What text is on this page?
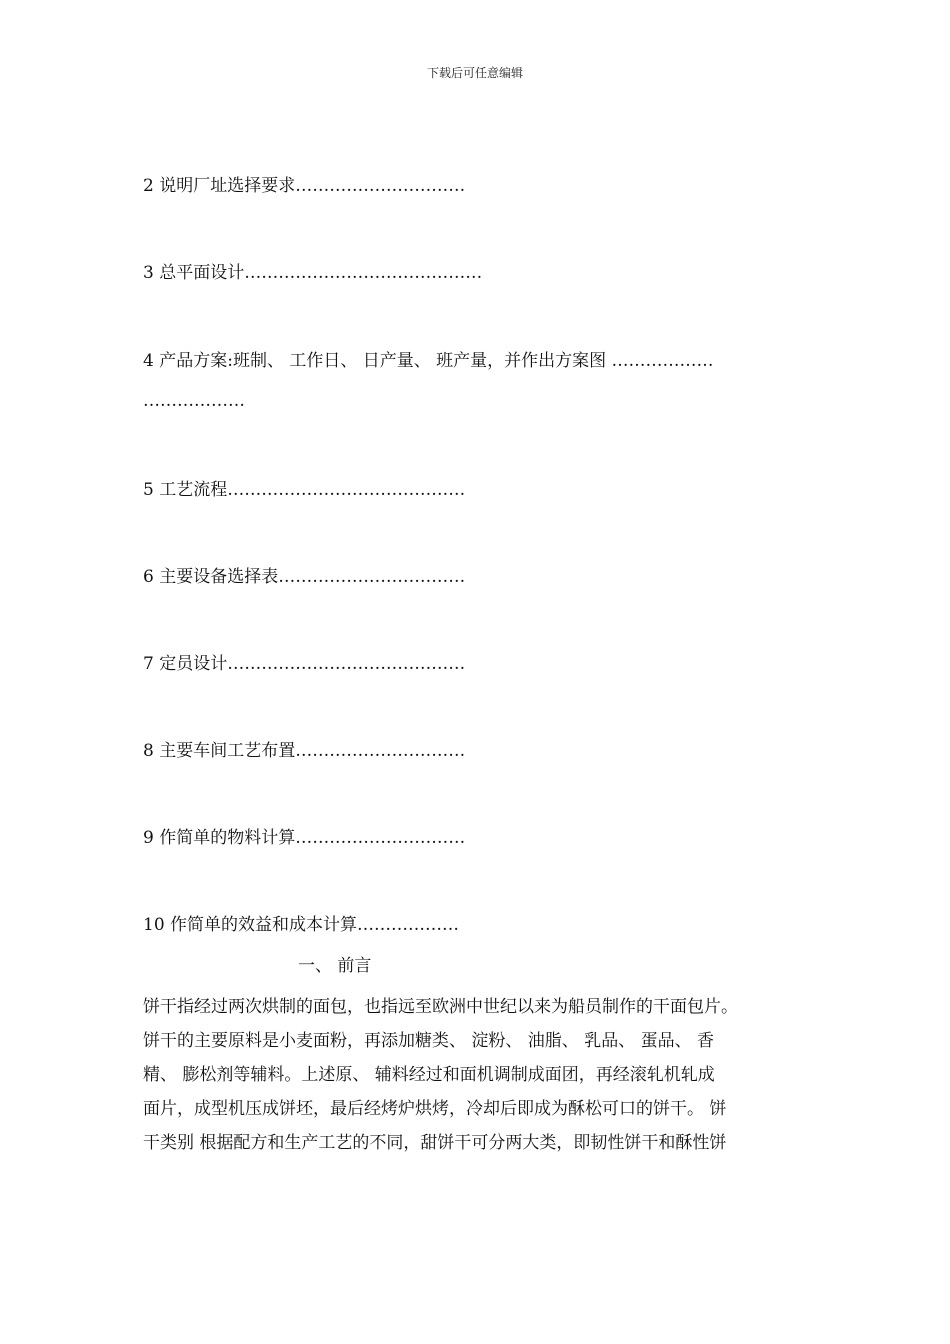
下载后可任意编辑
2 说明厂址选择要求…………………………
3 总平面设计……………………………………
4 产品方案:班制、 工作日、 日产量、 班产量，并作出方案图 ………………
………………
5 工艺流程……………………………………
6 主要设备选择表……………………………
7 定员设计……………………………………
8 主要车间工艺布置…………………………
9 作简单的物料计算…………………………
10 作简单的效益和成本计算………………
一、 前言
饼干指经过两次烘制的面包，也指远至欧洲中世纪以来为船员制作的干面包片。
饼干的主要原料是小麦面粉，再添加糖类、 淀粉、 油脂、 乳品、 蛋品、 香
精、 膨松剂等辅料。上述原、 辅料经过和面机调制成面团，再经滚轧机轧成
面片，成型机压成饼坯，最后经烤炉烘烤，冷却后即成为酥松可口的饼干。 饼
干类别 根据配方和生产工艺的不同，甜饼干可分两大类，即韧性饼干和酥性饼
